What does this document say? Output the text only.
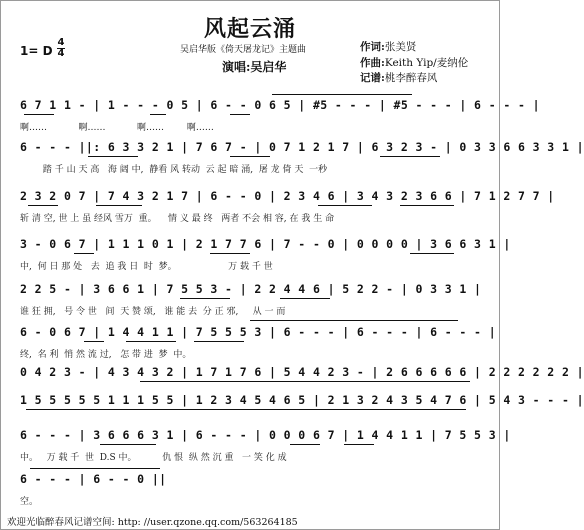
风起云涌
1= D
4
4	吴启华版《倚天屠龙记》主题曲
演唱:吴启华
作词:张美贤
作曲:Keith Yip/麦纳伦
记谱:桃李醉春风
6 7 1 1 - | 1 - - - 0 5 | 6 - - 0 6 5 | #5 - - - | #5 - - - | 6 - - - |
啊……           啊……           啊……        啊……
6 - - - ||: 6 3 3 2 1 | 7 6 7 - | 0 7 1 2 1 7 | 6 3 2 3 - | 0 3 3 6 6 3 3 1 |
踏 千 山 天 高   海 阔 中,  静看 风 转动  云 起 暗 涌,  屠 龙 倚 天  一秒
2 3 2 0 7 | 7 4 3 2 1 7 | 6 - - 0 | 2 3 4 6 | 3 4 3 2 3 6 6 | 7 1 2 7 7 |
斩 清 空, 世 上 虽 经风 雪万  重。    情 义 最 终   两者 不会 相 容, 在 我 生 命
3 - 0 6 7 | 1 1 1 0 1 | 2 1 7 7 6 | 7 - - 0 | 0 0 0 0 | 3 6 6 3 1 |
中,  何 日 那 处   去  追 我 日  时  梦。                  万 载 千 世
2 2 5 - | 3 6 6 1 | 7 5 5 3 - | 2 2 4 4 6 | 5 2 2 - | 0 3 3 1 |
谁 狂 拥,   号 令 世   间  天 赞 颂,   谁 能 去  分 正 邪,     从 一 而
6 - 0 6 7 | 1 4 4 1 1 | 7 5 5 5 3 | 6 - - - | 6 - - - | 6 - - - |
终,  名 利  悄 然 流 过,   怎 带 进  梦  中。
0 4 2 3 - | 4 3 4 3 2 | 1 7 1 7 6 | 5 4 4 2 3 - | 2 6 6 6 6 6 | 2 2 2 2 2 2 |
1 5 5 5 5 5 1 1 1 5 5 | 1 2 3 4 5 4 6 5 | 2 1 3 2 4 3 5 4 7 6 | 5 4 3 - - - |
6 - - - | 3 6 6 6 3 1 | 6 - - - | 0 0 0 6 7 | 1 4 4 1 1 | 7 5 5 3 |
中。   万 载 千  世  D.S 中。         仇 恨  纵 然 沉 重   一 笑 化 成
6 - - - | 6 - - 0 ||
空。
欢迎光临醉春风记谱空间: http: //user.qzone.qq.com/563264185
